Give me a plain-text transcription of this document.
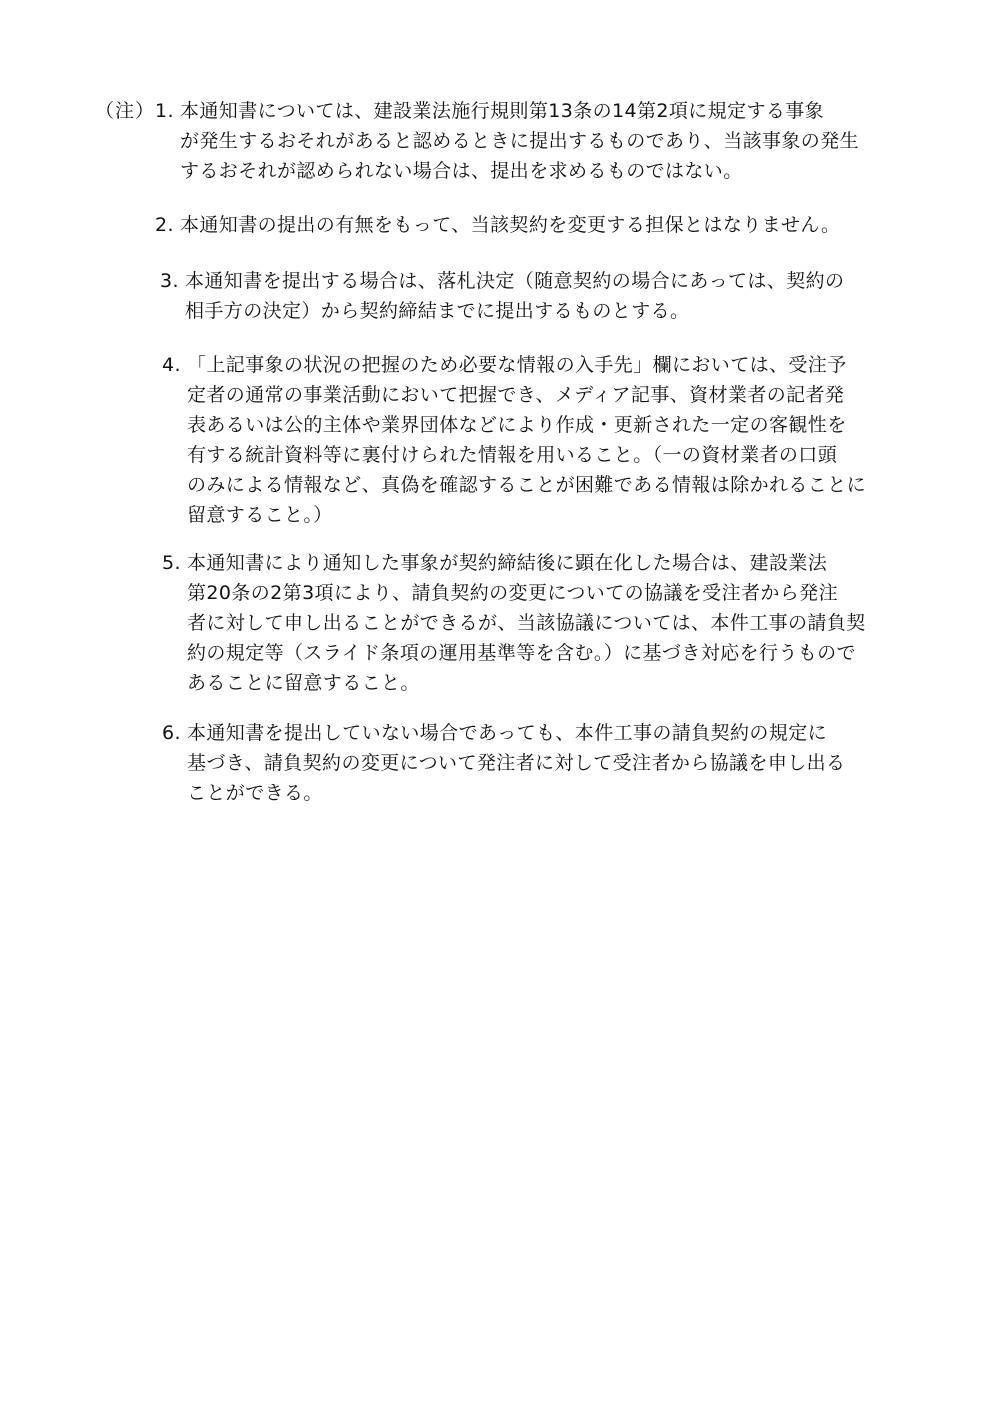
（注） 1. 本通知書については、建設業法施行規則第13条の14第2項に規定する事象
が発生するおそれがあると認めるときに提出するものであり、当該事象の発生
するおそれが認められない場合は、提出を求めるものではない。
2. 本通知書の提出の有無をもって、当該契約を変更する担保とはなりません。
3. 本通知書を提出する場合は、落札決定（随意契約の場合にあっては、契約の
相手方の決定）から契約締結までに提出するものとする。
4. 「上記事象の状況の把握のため必要な情報の入手先」欄においては、受注予
定者の通常の事業活動において把握でき、メディア記事、資材業者の記者発
表あるいは公的主体や業界団体などにより作成・更新された一定の客観性を
有する統計資料等に裏付けられた情報を用いること。（一の資材業者の口頭
のみによる情報など、真偽を確認することが困難である情報は除かれることに
留意すること。）
5. 本通知書により通知した事象が契約締結後に顕在化した場合は、建設業法
第20条の2第3項により、請負契約の変更についての協議を受注者から発注
者に対して申し出ることができるが、当該協議については、本件工事の請負契
約の規定等（スライド条項の運用基準等を含む。）に基づき対応を行うもので
あることに留意すること。
6. 本通知書を提出していない場合であっても、本件工事の請負契約の規定に
基づき、請負契約の変更について発注者に対して受注者から協議を申し出る
ことができる。
